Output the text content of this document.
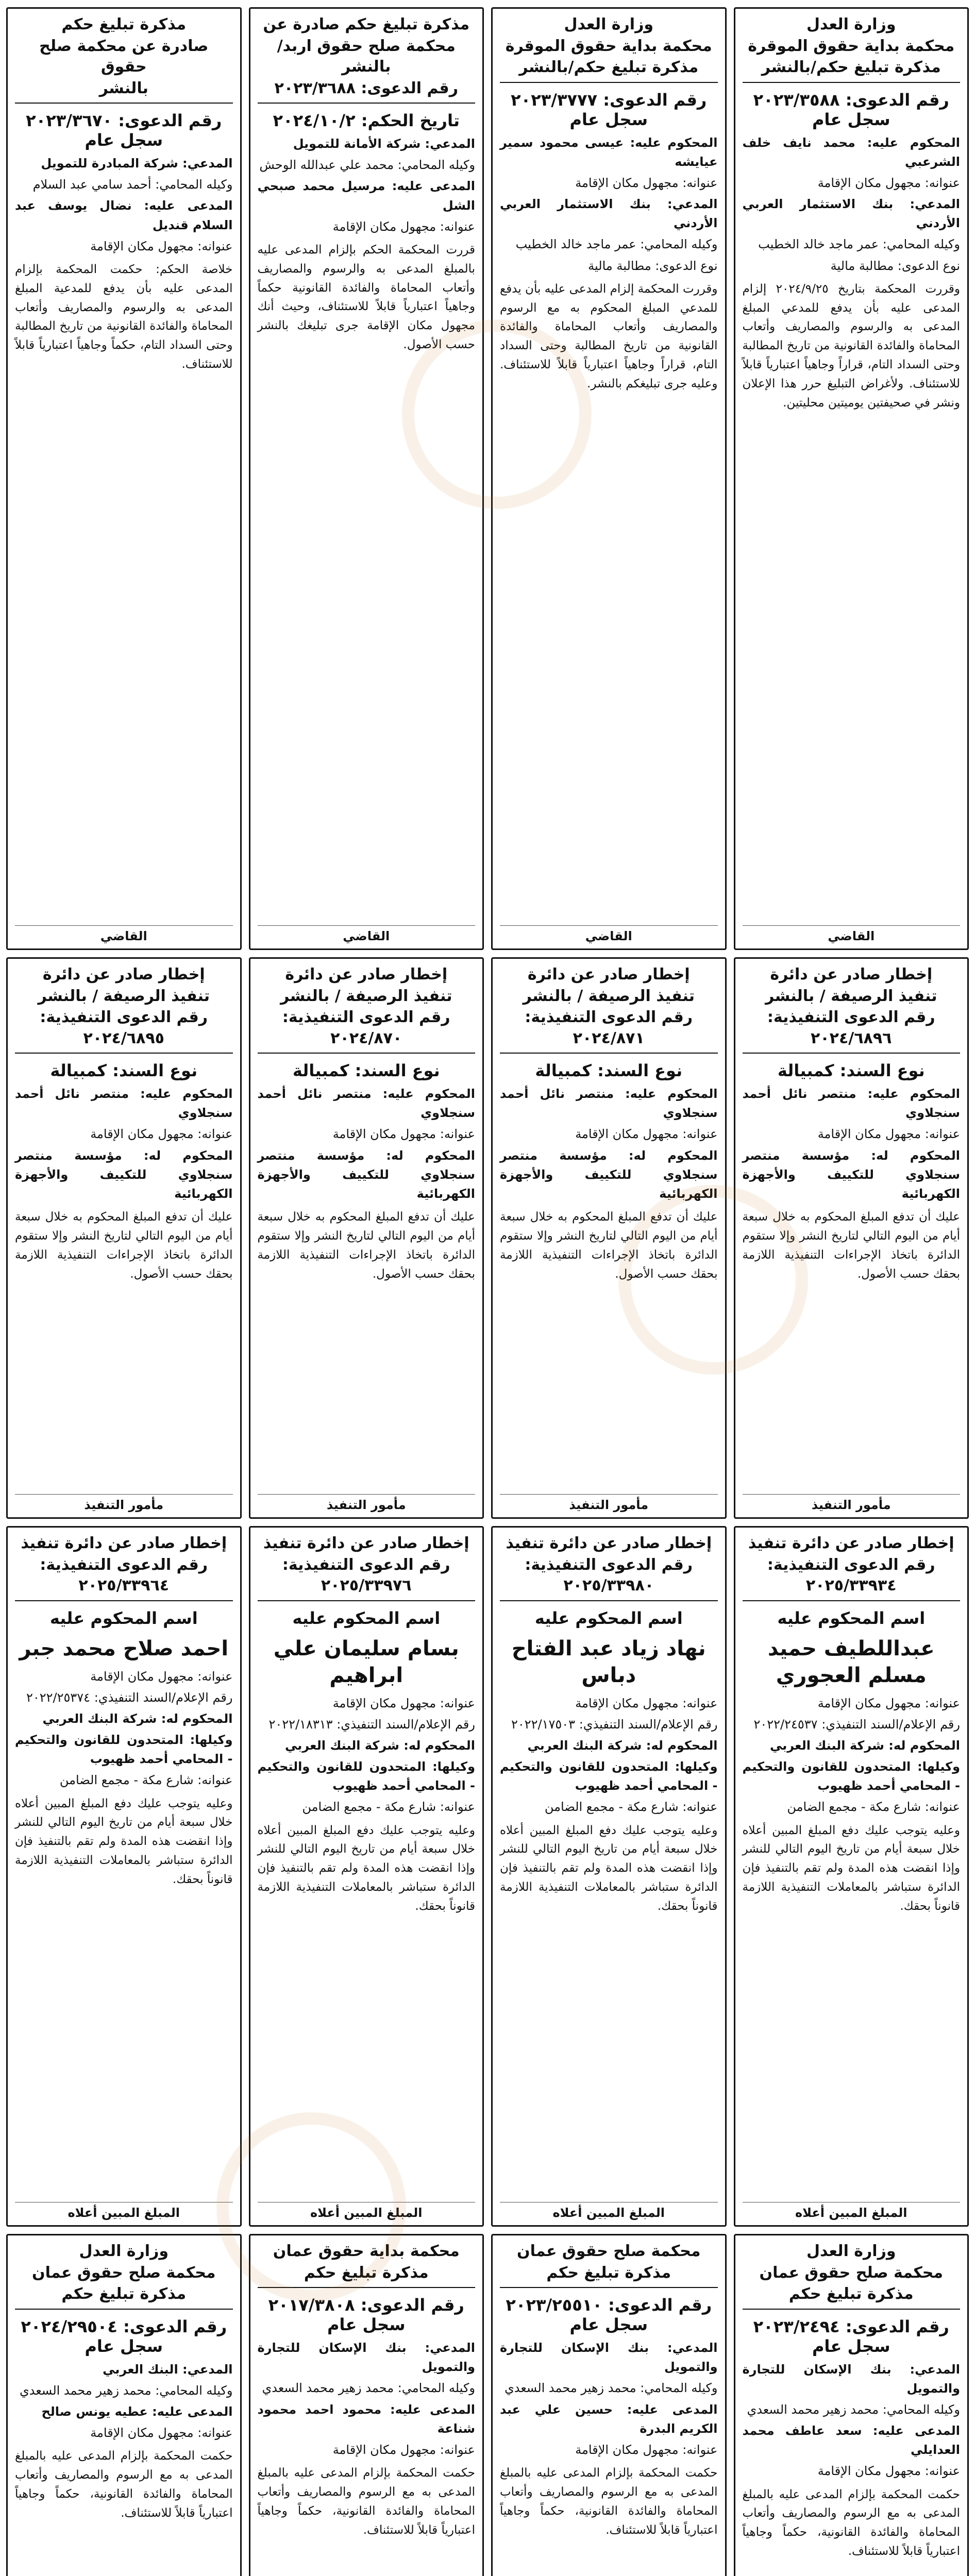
وزارة العدل
محكمة بداية حقوق الموقرة
مذكرة تبليغ حكم/بالنشر
رقم الدعوى: ٢٠٢٣/٣٥٨٨ سجل عام
المحكوم عليه: محمد نايف خلف الشرعبي
عنوانه: مجهول مكان الإقامة
المدعي: بنك الاستثمار العربي الأردني
وكيله المحامي: عمر ماجد خالد الخطيب
نوع الدعوى: مطالبة مالية
وقررت المحكمة بتاريخ ٢٠٢٤/٩/٢٥ إلزام المدعى عليه بأن يدفع للمدعي المبلغ المدعى به والرسوم والمصاريف وأتعاب المحاماة والفائدة القانونية من تاريخ المطالبة وحتى السداد التام، قراراً وجاهياً اعتبارياً قابلاً للاستئناف. ولأغراض التبليغ حرر هذا الإعلان ونشر في صحيفتين يوميتين محليتين.
القاضي
وزارة العدل
محكمة بداية حقوق الموقرة
مذكرة تبليغ حكم/بالنشر
رقم الدعوى: ٢٠٢٣/٣٧٧٧ سجل عام
المحكوم عليه: عيسى محمود سمير عيايشه
عنوانه: مجهول مكان الإقامة
المدعي: بنك الاستثمار العربي الأردني
وكيله المحامي: عمر ماجد خالد الخطيب
نوع الدعوى: مطالبة مالية
وقررت المحكمة إلزام المدعى عليه بأن يدفع للمدعي المبلغ المحكوم به مع الرسوم والمصاريف وأتعاب المحاماة والفائدة القانونية من تاريخ المطالبة وحتى السداد التام، قراراً وجاهياً اعتبارياً قابلاً للاستئناف. وعليه جرى تبليغكم بالنشر.
القاضي
مذكرة تبليغ حكم صادرة عن
محكمة صلح حقوق اربد/بالنشر
رقم الدعوى: ٢٠٢٣/٣٦٨٨
تاريخ الحكم: ٢٠٢٤/١٠/٢
المدعي: شركة الأمانة للتمويل
وكيله المحامي: محمد علي عبدالله الوحش
المدعى عليه: مرسيل محمد صبحي الشل
عنوانه: مجهول مكان الإقامة
قررت المحكمة الحكم بإلزام المدعى عليه بالمبلغ المدعى به والرسوم والمصاريف وأتعاب المحاماة والفائدة القانونية حكماً وجاهياً اعتبارياً قابلاً للاستئناف، وحيث أنك مجهول مكان الإقامة جرى تبليغك بالنشر حسب الأصول.
القاضي
مذكرة تبليغ حكم
صادرة عن محكمة صلح حقوق
بالنشر
رقم الدعوى: ٢٠٢٣/٣٦٧٠ سجل عام
المدعي: شركة المبادرة للتمويل
وكيله المحامي: أحمد سامي عبد السلام
المدعى عليه: نضال يوسف عبد السلام قنديل
عنوانه: مجهول مكان الإقامة
خلاصة الحكم: حكمت المحكمة بإلزام المدعى عليه بأن يدفع للمدعية المبلغ المدعى به والرسوم والمصاريف وأتعاب المحاماة والفائدة القانونية من تاريخ المطالبة وحتى السداد التام، حكماً وجاهياً اعتبارياً قابلاً للاستئناف.
القاضي
إخطار صادر عن دائرة
تنفيذ الرصيفة / بالنشر
رقم الدعوى التنفيذية: ٢٠٢٤/٦٨٩٦
نوع السند: كمبيالة
المحكوم عليه: منتصر نائل أحمد سنجلاوي
عنوانه: مجهول مكان الإقامة
المحكوم له: مؤسسة منتصر سنجلاوي للتكييف والأجهزة الكهربائية
عليك أن تدفع المبلغ المحكوم به خلال سبعة أيام من اليوم التالي لتاريخ النشر وإلا ستقوم الدائرة باتخاذ الإجراءات التنفيذية اللازمة بحقك حسب الأصول.
مأمور التنفيذ
إخطار صادر عن دائرة
تنفيذ الرصيفة / بالنشر
رقم الدعوى التنفيذية: ٢٠٢٤/٨٧١
نوع السند: كمبيالة
المحكوم عليه: منتصر نائل أحمد سنجلاوي
عنوانه: مجهول مكان الإقامة
المحكوم له: مؤسسة منتصر سنجلاوي للتكييف والأجهزة الكهربائية
عليك أن تدفع المبلغ المحكوم به خلال سبعة أيام من اليوم التالي لتاريخ النشر وإلا ستقوم الدائرة باتخاذ الإجراءات التنفيذية اللازمة بحقك حسب الأصول.
مأمور التنفيذ
إخطار صادر عن دائرة
تنفيذ الرصيفة / بالنشر
رقم الدعوى التنفيذية: ٢٠٢٤/٨٧٠
نوع السند: كمبيالة
المحكوم عليه: منتصر نائل أحمد سنجلاوي
عنوانه: مجهول مكان الإقامة
المحكوم له: مؤسسة منتصر سنجلاوي للتكييف والأجهزة الكهربائية
عليك أن تدفع المبلغ المحكوم به خلال سبعة أيام من اليوم التالي لتاريخ النشر وإلا ستقوم الدائرة باتخاذ الإجراءات التنفيذية اللازمة بحقك حسب الأصول.
مأمور التنفيذ
إخطار صادر عن دائرة
تنفيذ الرصيفة / بالنشر
رقم الدعوى التنفيذية: ٢٠٢٤/٦٨٩٥
نوع السند: كمبيالة
المحكوم عليه: منتصر نائل أحمد سنجلاوي
عنوانه: مجهول مكان الإقامة
المحكوم له: مؤسسة منتصر سنجلاوي للتكييف والأجهزة الكهربائية
عليك أن تدفع المبلغ المحكوم به خلال سبعة أيام من اليوم التالي لتاريخ النشر وإلا ستقوم الدائرة باتخاذ الإجراءات التنفيذية اللازمة بحقك حسب الأصول.
مأمور التنفيذ
إخطار صادر عن دائرة تنفيذ
رقم الدعوى التنفيذية: ٢٠٢٥/٣٣٩٣٤
اسم المحكوم عليه
عبداللطيف حميد مسلم العجوري
عنوانه: مجهول مكان الإقامة
رقم الإعلام/السند التنفيذي: ٢٠٢٢/٢٤٥٣٧
المحكوم له: شركة البنك العربي
وكيلها: المتحدون للقانون والتحكيم - المحامي أحمد ظهيوب
عنوانه: شارع مكة - مجمع الضامن
وعليه يتوجب عليك دفع المبلغ المبين أعلاه خلال سبعة أيام من تاريخ اليوم التالي للنشر وإذا انقضت هذه المدة ولم تقم بالتنفيذ فإن الدائرة ستباشر بالمعاملات التنفيذية اللازمة قانوناً بحقك.
المبلغ المبين أعلاه
إخطار صادر عن دائرة تنفيذ
رقم الدعوى التنفيذية: ٢٠٢٥/٣٣٩٨٠
اسم المحكوم عليه
نهاد زياد عبد الفتاح دباس
عنوانه: مجهول مكان الإقامة
رقم الإعلام/السند التنفيذي: ٢٠٢٢/١٧٥٠٣
المحكوم له: شركة البنك العربي
وكيلها: المتحدون للقانون والتحكيم - المحامي أحمد ظهيوب
عنوانه: شارع مكة - مجمع الضامن
وعليه يتوجب عليك دفع المبلغ المبين أعلاه خلال سبعة أيام من تاريخ اليوم التالي للنشر وإذا انقضت هذه المدة ولم تقم بالتنفيذ فإن الدائرة ستباشر بالمعاملات التنفيذية اللازمة قانوناً بحقك.
المبلغ المبين أعلاه
إخطار صادر عن دائرة تنفيذ
رقم الدعوى التنفيذية: ٢٠٢٥/٣٣٩٧٦
اسم المحكوم عليه
بسام سليمان علي ابراهيم
عنوانه: مجهول مكان الإقامة
رقم الإعلام/السند التنفيذي: ٢٠٢٢/١٨٣١٣
المحكوم له: شركة البنك العربي
وكيلها: المتحدون للقانون والتحكيم - المحامي أحمد ظهيوب
عنوانه: شارع مكة - مجمع الضامن
وعليه يتوجب عليك دفع المبلغ المبين أعلاه خلال سبعة أيام من تاريخ اليوم التالي للنشر وإذا انقضت هذه المدة ولم تقم بالتنفيذ فإن الدائرة ستباشر بالمعاملات التنفيذية اللازمة قانوناً بحقك.
المبلغ المبين أعلاه
إخطار صادر عن دائرة تنفيذ
رقم الدعوى التنفيذية: ٢٠٢٥/٣٣٩٦٤
اسم المحكوم عليه
احمد صلاح محمد جبر
عنوانه: مجهول مكان الإقامة
رقم الإعلام/السند التنفيذي: ٢٠٢٢/٢٥٣٧٤
المحكوم له: شركة البنك العربي
وكيلها: المتحدون للقانون والتحكيم - المحامي أحمد ظهيوب
عنوانه: شارع مكة - مجمع الضامن
وعليه يتوجب عليك دفع المبلغ المبين أعلاه خلال سبعة أيام من تاريخ اليوم التالي للنشر وإذا انقضت هذه المدة ولم تقم بالتنفيذ فإن الدائرة ستباشر بالمعاملات التنفيذية اللازمة قانوناً بحقك.
المبلغ المبين أعلاه
وزارة العدل
محكمة صلح حقوق عمان
مذكرة تبليغ حكم
رقم الدعوى: ٢٠٢٣/٢٤٩٤ سجل عام
المدعي: بنك الإسكان للتجارة والتمويل
وكيله المحامي: محمد زهير محمد السعدي
المدعى عليه: سعد عاطف محمد العدايلي
عنوانه: مجهول مكان الإقامة
حكمت المحكمة بإلزام المدعى عليه بالمبلغ المدعى به مع الرسوم والمصاريف وأتعاب المحاماة والفائدة القانونية، حكماً وجاهياً اعتبارياً قابلاً للاستئناف.
محكمة صلح حقوق عمان
مذكرة تبليغ حكم
رقم الدعوى: ٢٠٢٣/٢٥٥١٠ سجل عام
المدعي: بنك الإسكان للتجارة والتمويل
وكيله المحامي: محمد زهير محمد السعدي
المدعى عليه: حسين علي عبد الكريم البدرة
عنوانه: مجهول مكان الإقامة
حكمت المحكمة بإلزام المدعى عليه بالمبلغ المدعى به مع الرسوم والمصاريف وأتعاب المحاماة والفائدة القانونية، حكماً وجاهياً اعتبارياً قابلاً للاستئناف.
محكمة بداية حقوق عمان
مذكرة تبليغ حكم
رقم الدعوى: ٢٠١٧/٣٨٠٨ سجل عام
المدعي: بنك الإسكان للتجارة والتمويل
وكيله المحامي: محمد زهير محمد السعدي
المدعى عليه: محمود احمد محمود شناعة
عنوانه: مجهول مكان الإقامة
حكمت المحكمة بإلزام المدعى عليه بالمبلغ المدعى به مع الرسوم والمصاريف وأتعاب المحاماة والفائدة القانونية، حكماً وجاهياً اعتبارياً قابلاً للاستئناف.
وزارة العدل
محكمة صلح حقوق عمان
مذكرة تبليغ حكم
رقم الدعوى: ٢٠٢٤/٢٩٥٠٤ سجل عام
المدعي: البنك العربي
وكيله المحامي: محمد زهير محمد السعدي
المدعى عليه: عطيه يونس صالح
عنوانه: مجهول مكان الإقامة
حكمت المحكمة بإلزام المدعى عليه بالمبلغ المدعى به مع الرسوم والمصاريف وأتعاب المحاماة والفائدة القانونية، حكماً وجاهياً اعتبارياً قابلاً للاستئناف.
